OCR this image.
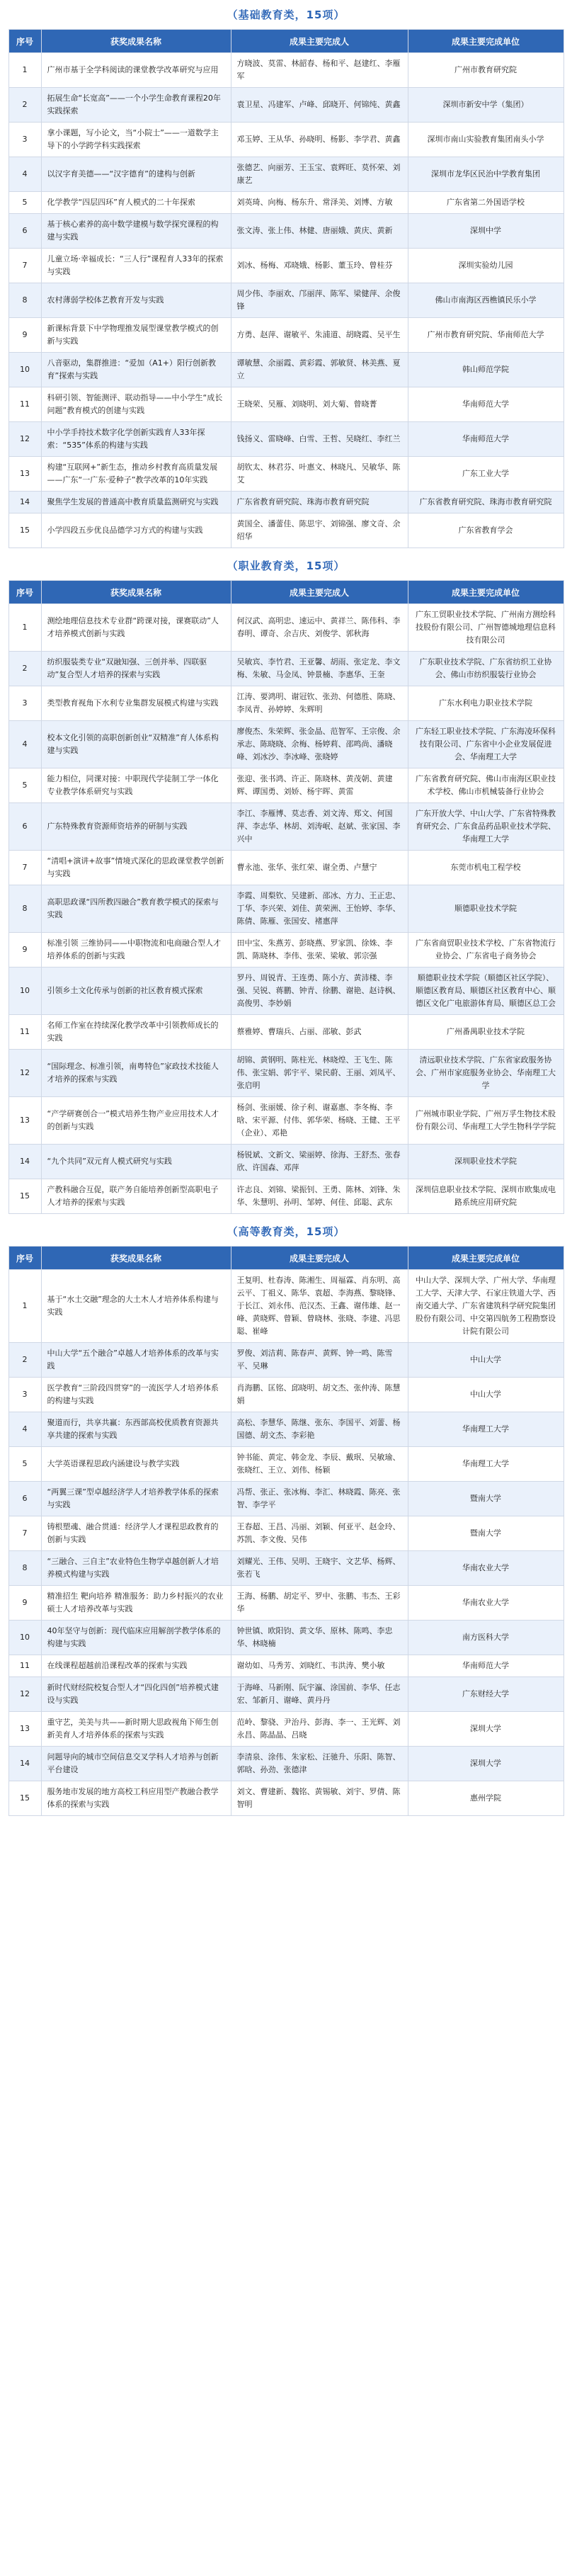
（基础教育类，15项）
序号	获奖成果名称	成果主要完成人	成果主要完成单位
1	广州市基于全学科阅读的课堂教学改革研究与应用	方晓波、莫雷、林韶春、杨和平、赵建红、李雁军	广州市教育研究院
2	拓展生命“长宽高”——一个小学生命教育课程20年实践探索	袁卫星、冯建军、卢峰、邱晓开、何锦纯、黄鑫	深圳市新安中学（集团）
3	拿小课题，写小论文，当“小院士”——一道数学主导下的小学跨学科实践探索	邓玉婷、王从华、孙晓明、杨影、李学君、黄鑫	深圳市南山实验教育集团南头小学
4	以汉字育美德——“汉字德育”的建构与创新	张德艺、向丽芳、王玉宝、袁辉旺、莫怀荣、刘康艺	深圳市龙华区民治中学教育集团
5	化学教学“四层四环”育人模式的二十年探索	刘英琦、向梅、杨东升、常泽美、刘博、方敏	广东省第二外国语学校
6	基于核心素养的高中数学建模与数学探究课程的构建与实践	张文涛、张上伟、林健、唐丽娥、黄庆、黄新	深圳中学
7	儿童立场·幸福成长：“三人行”课程育人33年的探索与实践	刘冰、杨梅、邓晓娥、杨影、董玉玲、曾桂芬	深圳实验幼儿园
8	农村薄弱学校体艺教育开发与实践	周少伟、李丽欢、邝丽萍、陈军、梁健萍、余俊锋	佛山市南海区西樵镇民乐小学
9	新课标背景下中学物理推发展型课堂教学模式的创新与实践	方勇、赵萍、谢敏平、朱浦道、胡晓霞、吴平生	广州市教育研究院、华南师范大学
10	八音驱动，集群推进：“爱加（A1+）阳行创新教育”探索与实践	谭敏慧、余丽霞、黄彩霞、郭敏贤、林美燕、夏立	韩山师范学院
11	科研引领、智能测评、联动指导——中小学生“成长问题”教育模式的创建与实践	王晓荣、吴雁、刘晓明、刘大菊、曾晓菁	华南师范大学
12	中小学手持技术数字化学创新实践育人33年探索：“535”体系的构建与实践	钱扬义、雷晓峰、白雪、王哲、吴晓红、李红兰	华南师范大学
13	构建“互联网+”新生态，推动乡村教育高质量发展——广东“一广东·爱种子”教学改革的10年实践	胡钦太、林君芬、叶惠文、林晓凡、吴敏华、陈艾	广东工业大学
14	聚焦学生发展的普通高中教育质量监测研究与实践	广东省教育研究院、珠海市教育研究院	广东省教育研究院、珠海市教育研究院
15	小学四段五步优良品德学习方式的构建与实践	黄国全、潘蕾佳、陈思宇、刘锦强、廖文奇、余绍华	广东省教育学会
（职业教育类，15项）
序号	获奖成果名称	成果主要完成人	成果主要完成单位
1	测绘地理信息技术专业群“跨课对接，课赛联动”人才培养模式创新与实践	何汉武、高明忠、速运中、黄祥兰、陈伟科、李春明、谭奇、余吉庆、刘俊学、郭秋海	广东工贸职业技术学院、广州南方测绘科技股份有限公司、广州智德城地理信息科技有限公司
2	纺织服装类专业“双融知强、三创并举、四联驱动”复合型人才培养的探索与实践	吴敏宾、李竹君、王亚馨、胡雨、张定龙、李文梅、朱敏、马金凤、钟景楠、李惠华、王奎	广东职业技术学院、广东省纺织工业协会、佛山市纺织服装行业协会
3	类型教育视角下水利专业集群发展模式构建与实践	江涛、要鸿明、谢冠钦、张劲、何德胜、陈晓、李凤青、孙婷婷、朱辉明	广东水利电力职业技术学院
4	校本文化引领的高职创新创业“双精准”育人体系构建与实践	廖俊杰、朱荣辉、张金晶、范智军、王宗俊、余承志、陈晓晓、余梅、杨婷莉、邵鸣尚、潘晓峰、刘冰沙、李冰峰、张晓婷	广东轻工职业技术学院、广东海凌环保科技有限公司、广东省中小企业发展促进会、华南理工大学
5	能力相位，同课对接：中职现代学徒制工学一体化专业教学体系研究与实践	张迎、张书鸿、许正、陈晓林、黄茂朝、黄建辉、谭国勇、刘娇、杨宇晖、黄雷	广东省教育研究院、佛山市南海区职业技术学校、佛山市机械装备行业协会
6	广东特殊教育资源师资培养的研制与实践	李江、李雁博、莫志香、刘文涛、郑文、何国萍、李志华、林胡、刘涛岷、赵斌、张家国、李兴中	广东开放大学、中山大学、广东省特殊教育研究会、广东食品药品职业技术学院、华南理工大学
7	“清唱+演讲+故事”情境式深化的思政课堂教学创新与实践	曹永池、张华、张红荣、谢全勇、卢慧宁	东莞市机电工程学校
8	高职思政课“四所教四融合”教育教学模式的探索与实践	李霞、周梨钦、吴建新、邵冰、方力、王正忠、丁华、李兴荣、刘佳、黄荣洲、王怡婷、李华、陈倩、陈雁、张国安、褚惠萍	顺德职业技术学院
9	标准引领 三维协同——中职物流和电商融合型人才培养体系的创新与实践	田中宝、朱燕芳、彭晓燕、罗家凯、徐姝、李凯、陈晓林、李伟、张荣、梁敏、郭宗强	广东省商贸职业技术学校、广东省物流行业协会、广东省电子商务协会
10	引领乡土文化传承与创新的社区教育模式探索	罗丹、周锐青、王连勇、陈小方、黄沛楼、李强、吴锐、蒋鹏、钟青、徐鹏、谢艳、赵诗枫、高俊男、李妙娟	顺德职业技术学院（顺德区社区学院）、顺德区教育局、顺德区社区教育中心、顺德区文化广电旅游体育局、顺德区总工会
11	名师工作室在持续深化教学改革中引领教师成长的实践	蔡雅婷、曹瑞兵、占丽、邵敏、彭武	广州番禺职业技术学院
12	“国际理念、标准引领，南粤特色”家政技术技能人才培养的探索与实践	胡锦、黄钢明、陈柱光、林晓煌、王飞生、陈伟、张宝娟、郭宇平、梁民蔚、王丽、刘凤平、张启明	清远职业技术学院、广东省家政服务协会、广州市家庭服务业协会、华南理工大学
13	“产学研赛创合一”模式培养生物产业应用技术人才的创新与实践	杨剑、张丽媛、徐子利、谢嘉惠、李冬梅、李晗、宋平源、付伟、郭华荣、杨晓、王健、王平（企业）、邓艳	广州城市职业学院、广州万孚生物技术股份有限公司、华南理工大学生物科学学院
14	“九个共同”双元育人模式研究与实践	杨锐斌、文新文、梁丽婷、徐海、王舒杰、张春欣、许国森、邓萍	深圳职业技术学院
15	产教科融合互促，联产务自能培养创新型高职电子人才培养的探索与实践	许志良、刘锦、梁振钊、王勇、陈林、刘锋、朱华、朱慧明、孙明、邹婷、何佳、邱聪、武东	深圳信息职业技术学院、深圳市欧集成电路系统应用研究院
（高等教育类，15项）
序号	获奖成果名称	成果主要完成人	成果主要完成单位
1	基于“水土交融”理念的大土木人才培养体系构建与实践	王复明、杜春涛、陈湘生、周福霖、肖东明、高云平、丁祖义、陈华、袁超、李海燕、黎晓锋、于长江、刘永伟、范汉杰、王鑫、谢伟雄、赵一峰、黄晓辉、曾颖、曾晓林、张晓、李建、冯思聪、崔峰	中山大学、深圳大学、广州大学、华南理工大学、天津大学、石家庄铁道大学、西南交通大学、广东省建筑科学研究院集团股份有限公司、中交第四航务工程勘察设计院有限公司
2	中山大学“五个融合”卓越人才培养体系的改革与实践	罗俊、刘洁莉、陈春声、黄辉、钟一鸣、陈雪平、吴琳	中山大学
3	医学教育“三阶段四贯穿”的一流医学人才培养体系的构建与实践	肖海鹏、匡铭、邱晓明、胡文杰、张仲涛、陈慧娟	中山大学
4	聚道而行，共享共赢：东西部高校优质教育资源共享共建的探索与实践	高松、李慧华、陈继、张东、李国平、刘蕾、杨国德、胡文杰、李彩艳	华南理工大学
5	大学英语课程思政内涵建设与教学实践	钟书能、黄定、韩金龙、李辰、戴珉、吴敏瑜、张晓红、王立、刘伟、杨颖	华南理工大学
6	“两翼三课”型卓越经济学人才培养教学体系的探索与实践	冯帮、张正、张冰梅、李汇、林晓霞、陈亮、张智、李学平	暨南大学
7	铸根塑魂、融合贯通：经济学人才课程思政教育的创新与实践	王春超、王昌、冯丽、刘颖、何亚平、赵金玲、苏凯、李文俊、吴伟	暨南大学
8	“三融合、三自主”农业特色生物学卓越创新人才培养模式构建与实践	刘耀光、王伟、吴明、王晓宇、文艺华、杨辉、张若飞	华南农业大学
9	精准招生 靶向培养 精准服务：助力乡村振兴的农业硕士人才培养改革与实践	王海、杨鹏、胡定平、罗中、张鹏、韦杰、王彩华	华南农业大学
10	40年坚守与创新：现代临床应用解剖学教学体系的构建与实践	钟世镇、欧阳钧、黄文华、原林、陈鸣、李忠华、林晓楠	南方医科大学
11	在线课程超越前沿课程改革的探索与实践	谢幼如、马秀芳、刘晓红、韦洪涛、樊小敏	华南师范大学
12	新时代财经院校复合型人才“四化四创”培养模式建设与实践	于海峰、马新刚、阮宇瀛、涂国前、李华、任志宏、邹新月、谢峰、黄丹丹	广东财经大学
13	重守艺，美美与共——新时期大思政视角下师生创新美育人才培养体系的探索与实践	范岭、黎骁、尹治丹、彭海、李一、王光辉、刘永昌、陈晶晶、吕晓	深圳大学
14	问题导向的城市空间信息交叉学科人才培养与创新平台建设	李清泉、涂伟、朱家松、汪驰升、乐阳、陈智、郭晗、孙劲、张德津	深圳大学
15	服务地市发展的地方高校工科应用型产教融合教学体系的探索与实践	刘文、曹建新、魏铭、黄锡敏、刘宇、罗倩、陈智明	惠州学院
